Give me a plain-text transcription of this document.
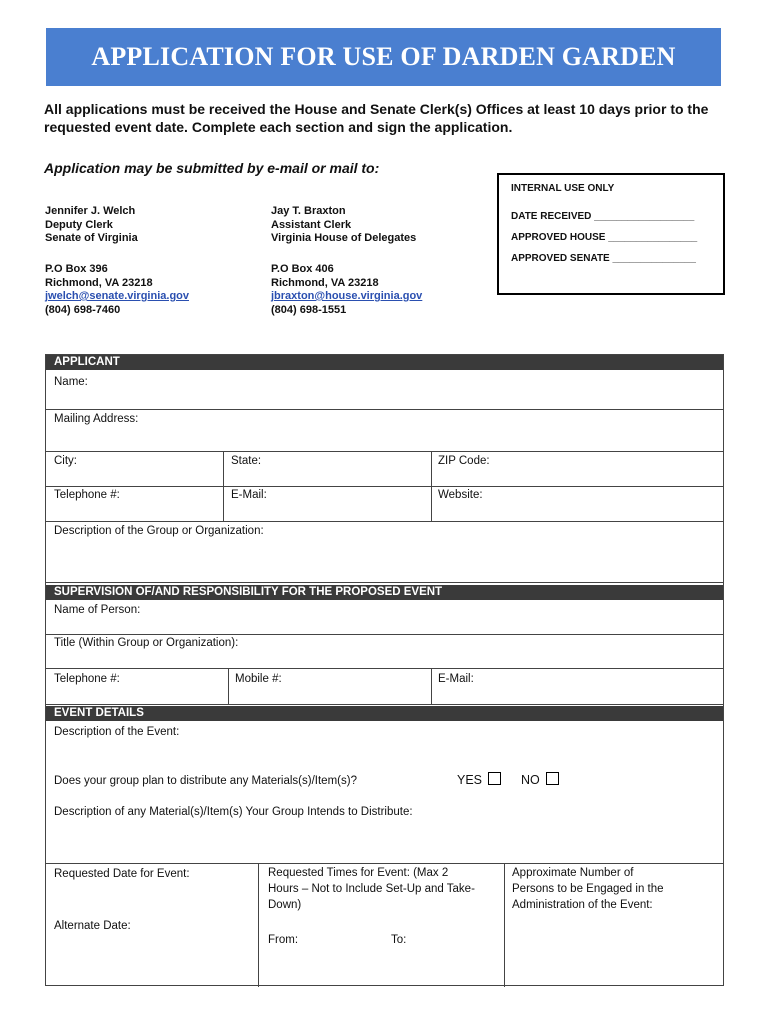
APPLICATION FOR USE OF DARDEN GARDEN
All applications must be received the House and Senate Clerk(s) Offices at least 10 days prior to the requested event date. Complete each section and sign the application.
Application may be submitted by e-mail or mail to:
Jennifer J. Welch
Deputy Clerk
Senate of Virginia
P.O Box 396
Richmond, VA 23218
jwelch@senate.virginia.gov
(804) 698-7460
Jay T. Braxton
Assistant Clerk
Virginia House of Delegates
P.O Box 406
Richmond, VA 23218
jbraxton@house.virginia.gov
(804) 698-1551
INTERNAL USE ONLY
DATE RECEIVED __________________
APPROVED HOUSE ________________
APPROVED SENATE _______________
APPLICANT
Name:
Mailing Address:
City:	State:	ZIP Code:
Telephone #:	E-Mail:	Website:
Description of the Group or Organization:
SUPERVISION OF/AND RESPONSIBILITY FOR THE PROPOSED EVENT
Name of Person:
Title (Within Group or Organization):
Telephone #:	Mobile #:	E-Mail:
EVENT DETAILS
Description of the Event:
Does your group plan to distribute any Materials(s)/Item(s)?	YES	NO
Description of any Material(s)/Item(s) Your Group Intends to Distribute:
Requested Date for Event:
Alternate Date:
Requested Times for Event: (Max 2
Hours – Not to Include Set-Up and Take-
Down)
From:	To:
Approximate Number of
Persons to be Engaged in the
Administration of the Event:
